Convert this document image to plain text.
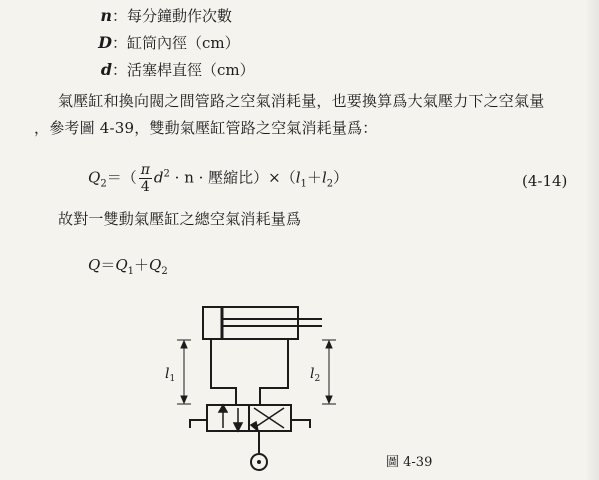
n：每分鐘動作次數
D：缸筒內徑（cm）
d：活塞桿直徑（cm）
氣壓缸和換向閥之間管路之空氣消耗量，也要換算爲大氣壓力下之空氣量
，參考圖 4-39，雙動氣壓缸管路之空氣消耗量爲：
$Q_2=( \frac{\pi}{4} d^2 \cdot n$ · 壓縮比）$\times(l_1+l_2)$	(4-14)
故對一雙動氣壓缸之總空氣消耗量爲
$Q=Q_1+Q_2$
$l_1$	$l_2$
圖 4-39
